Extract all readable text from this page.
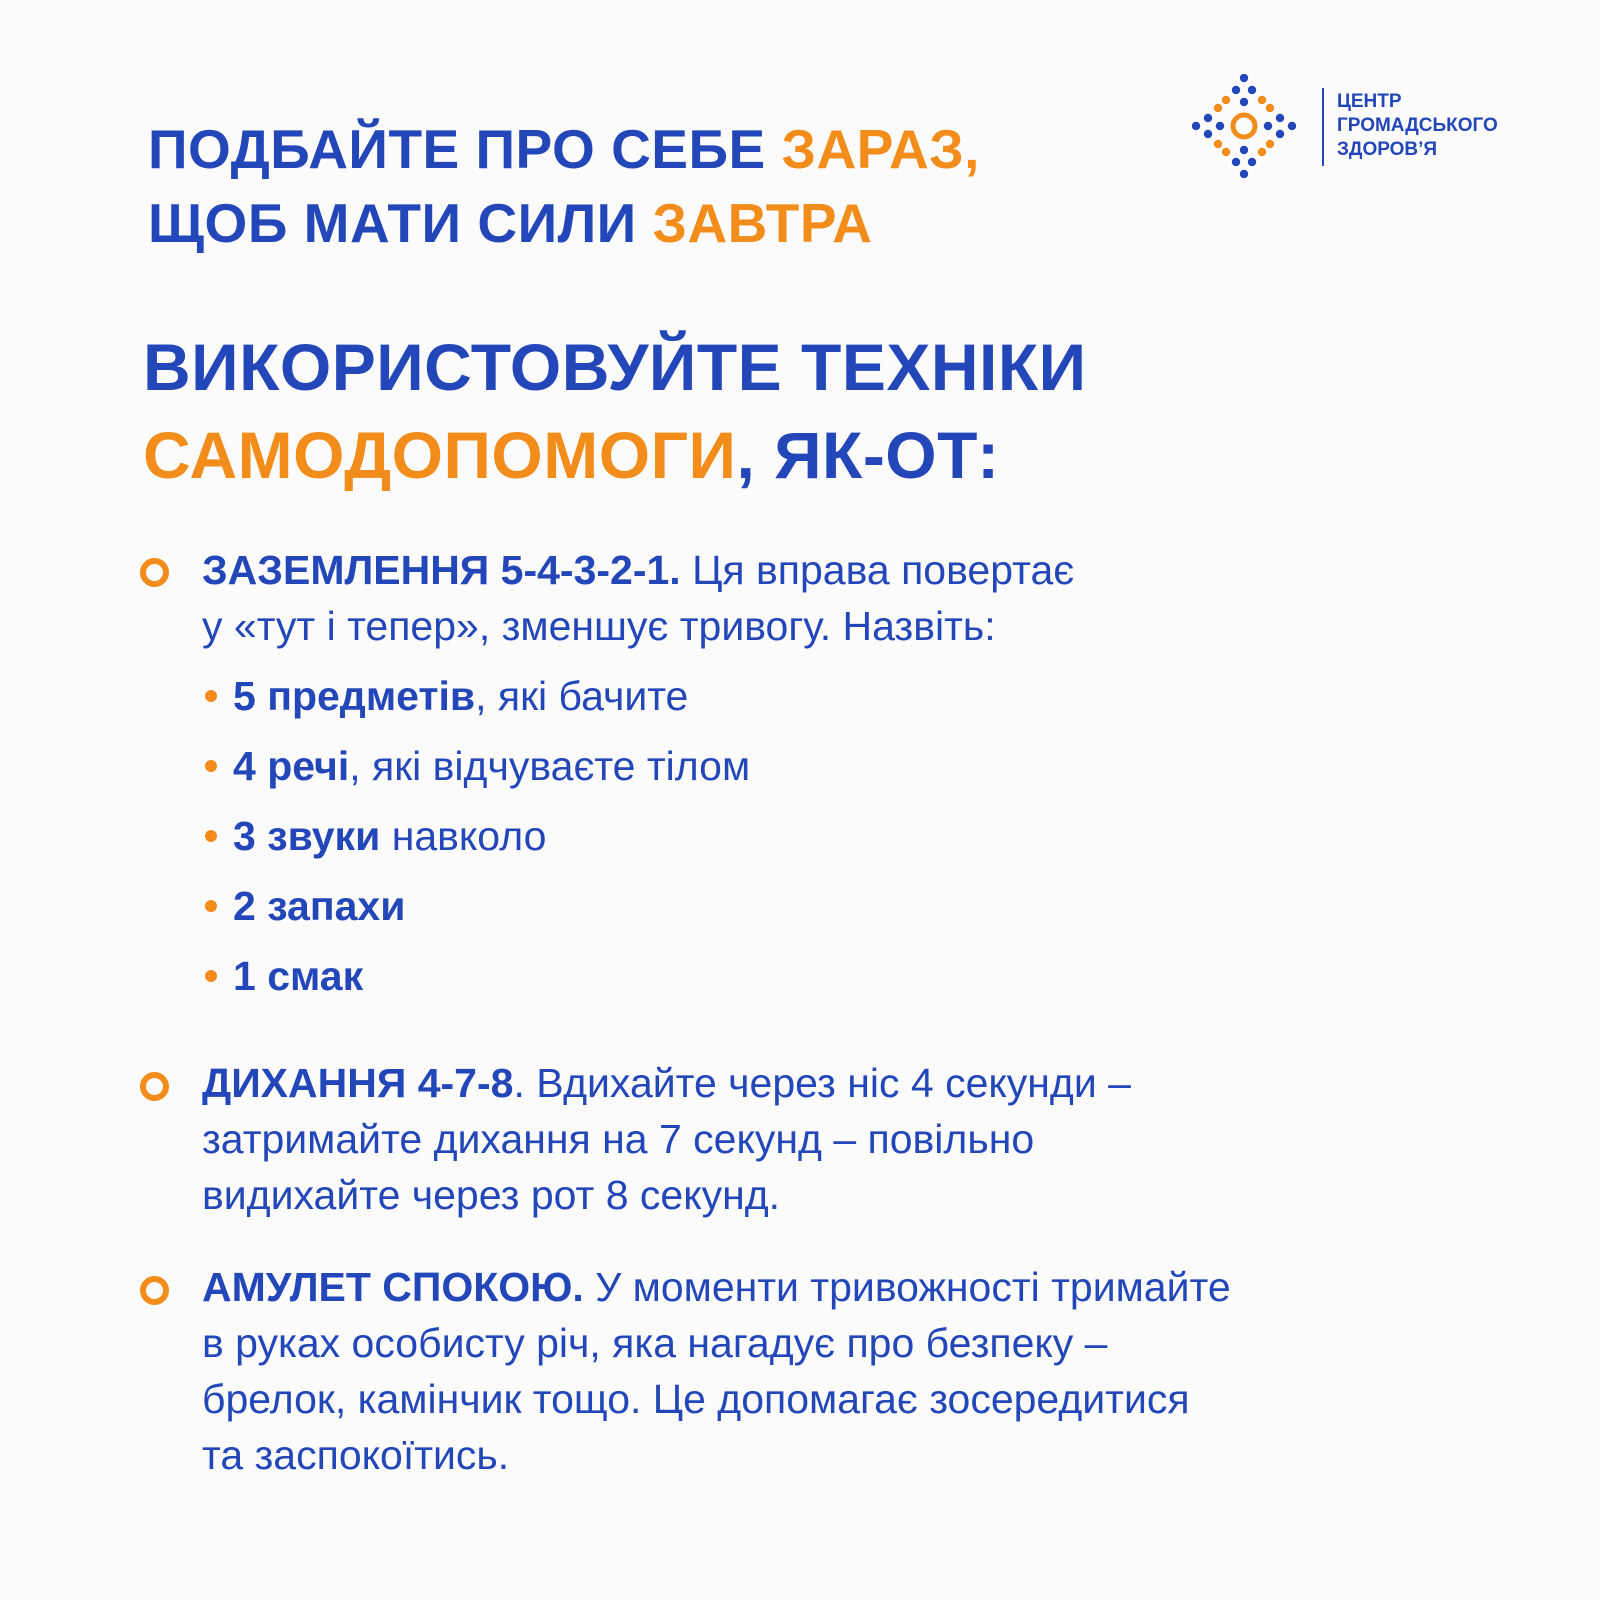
ПОДБАЙТЕ ПРО СЕБЕ ЗАРАЗ,
ЩОБ МАТИ СИЛИ ЗАВТРА
ЦЕНТР
ГРОМАДСЬКОГО
ЗДОРОВ’Я
ВИКОРИСТОВУЙТЕ ТЕХНІКИ
САМОДОПОМОГИ, ЯК-ОТ:

ЗАЗЕМЛЕННЯ 5-4-3-2-1. Ця вправа повертає
у «тут і тепер», зменшує тривогу. Назвіть:

5 предметів, які бачите
4 речі, які відчуваєте тілом
3 звуки навколо
2 запахи
1 смак

ДИХАННЯ 4-7-8. Вдихайте через ніс 4 секунди –
затримайте дихання на 7 секунд – повільно
видихайте через рот 8 секунд.

АМУЛЕТ СПОКОЮ. У моменти тривожності тримайте
в руках особисту річ, яка нагадує про безпеку –
брелок, камінчик тощо. Це допомагає зосередитися
та заспокоїтись.
